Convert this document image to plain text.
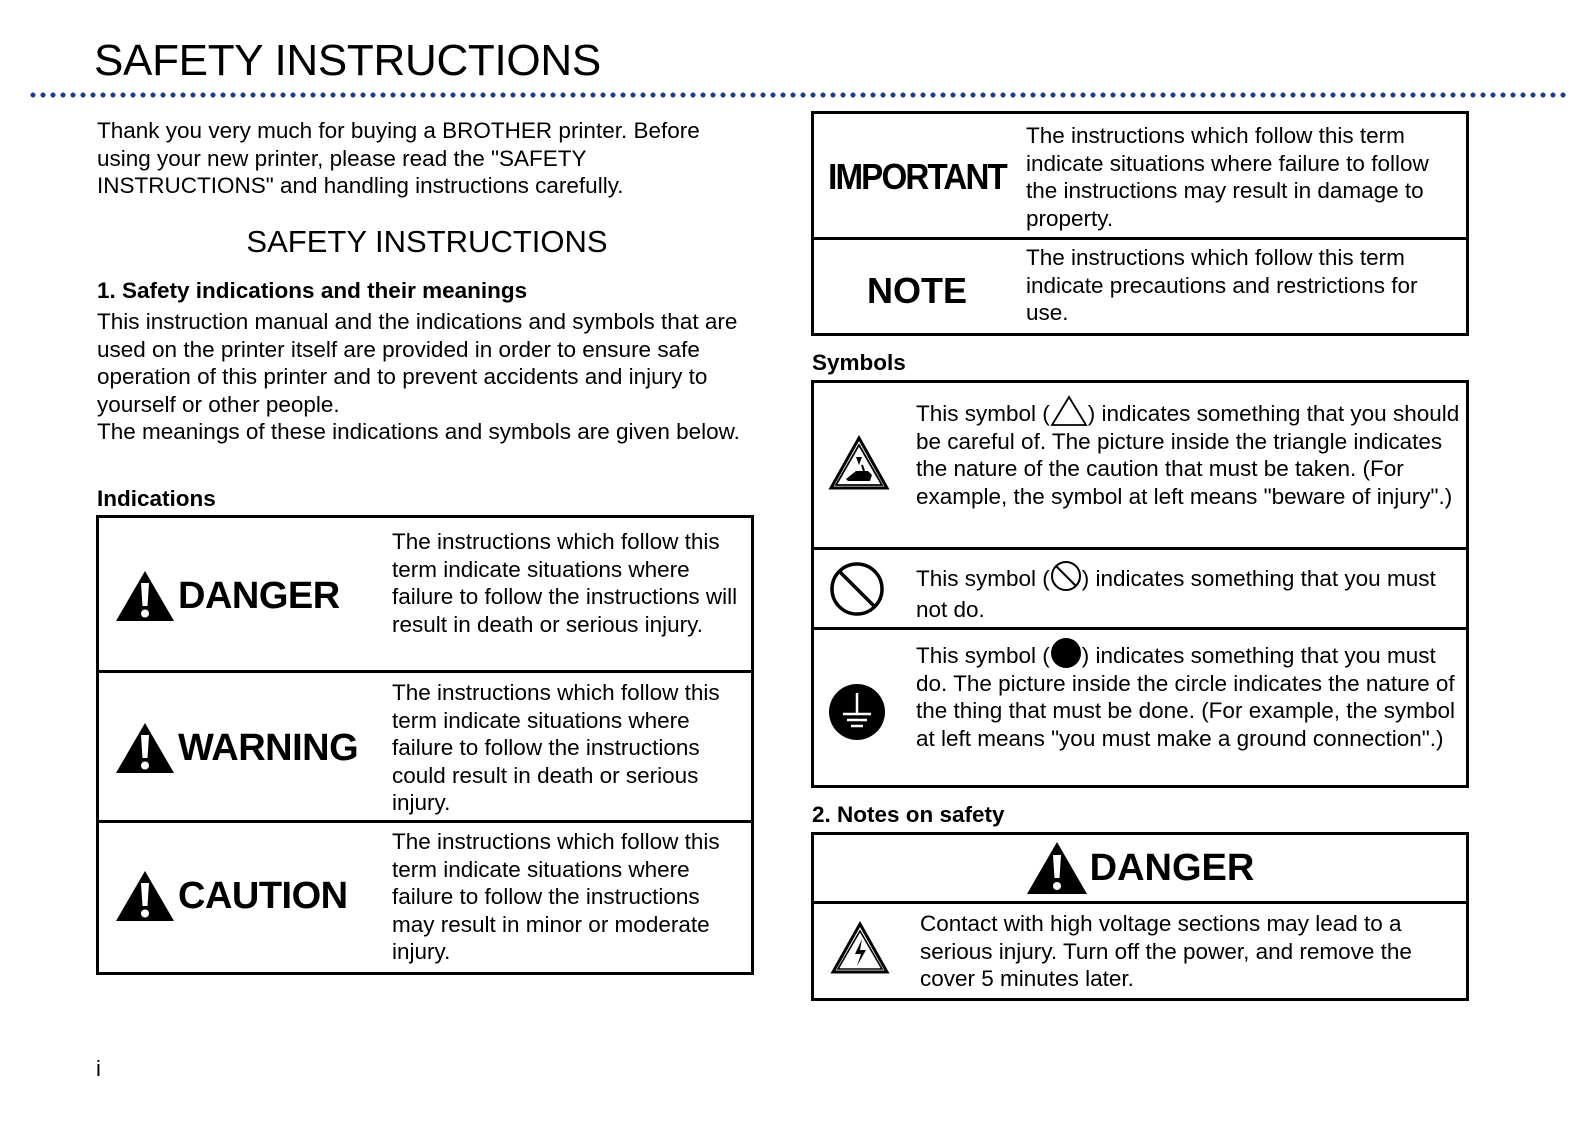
SAFETY INSTRUCTIONS
Thank you very much for buying a BROTHER printer. Before using your new printer, please read the "SAFETY INSTRUCTIONS" and handling instructions carefully.
SAFETY INSTRUCTIONS
1. Safety indications and their meanings
This instruction manual and the indications and symbols that are used on the printer itself are provided in order to ensure safe operation of this printer and to prevent accidents and injury to yourself or other people.
The meanings of these indications and symbols are given below.
Indications
DANGER
The instructions which follow this term indicate situations where failure to follow the instructions will result in death or serious injury.
WARNING
The instructions which follow this term indicate situations where failure to follow the instructions could result in death or serious injury.
CAUTION
The instructions which follow this term indicate situations where failure to follow the instructions may result in minor or moderate injury.
IMPORTANT
The instructions which follow this term indicate situations where failure to follow the instructions may result in damage to property.
NOTE
The instructions which follow this term indicate precautions and restrictions for use.
Symbols
This symbol ( ) indicates something that you should be careful of. The picture inside the triangle indicates the nature of the caution that must be taken. (For example, the symbol at left means "beware of injury".)
This symbol ( ) indicates something that you must not do.
This symbol ( ) indicates something that you must do. The picture inside the circle indicates the nature of the thing that must be done. (For example, the symbol at left means "you must make a ground connection".)
2. Notes on safety
DANGER
Contact with high voltage sections may lead to a serious injury. Turn off the power, and remove the cover 5 minutes later.
i
